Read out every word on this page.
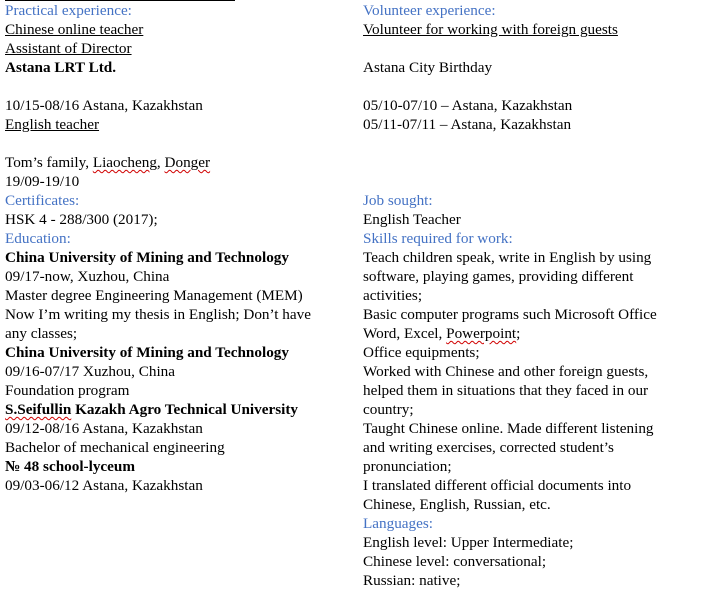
Practical experience:
Chinese online teacher
Assistant of Director
Astana LRT Ltd.
10/15-08/16 Astana, Kazakhstan
English teacher
Tom’s family, Liaocheng, Donger
19/09-19/10
Certificates:
HSK 4 - 288/300 (2017);
Education:
China University of Mining and Technology
09/17-now, Xuzhou, China
Master degree Engineering Management (MEM)
Now I’m writing my thesis in English; Don’t have
any classes;
China University of Mining and Technology
09/16-07/17 Xuzhou, China
Foundation program
S.Seifullin Kazakh Agro Technical University
09/12-08/16 Astana, Kazakhstan
Bachelor of mechanical engineering
№ 48 school-lyceum
09/03-06/12 Astana, Kazakhstan
Volunteer experience:
Volunteer for working with foreign guests
Astana City Birthday
05/10-07/10 – Astana, Kazakhstan
05/11-07/11 – Astana, Kazakhstan
Job sought:
English Teacher
Skills required for work:
Teach children speak, write in English by using
software, playing games, providing different
activities;
Basic computer programs such Microsoft Office
Word, Excel, Powerpoint;
Office equipments;
Worked with Chinese and other foreign guests,
helped them in situations that they faced in our
country;
Taught Chinese online. Made different listening
and writing exercises, corrected student’s
pronunciation;
I translated different official documents into
Chinese, English, Russian, etc.
Languages:
English level: Upper Intermediate;
Chinese level: conversational;
Russian: native;
